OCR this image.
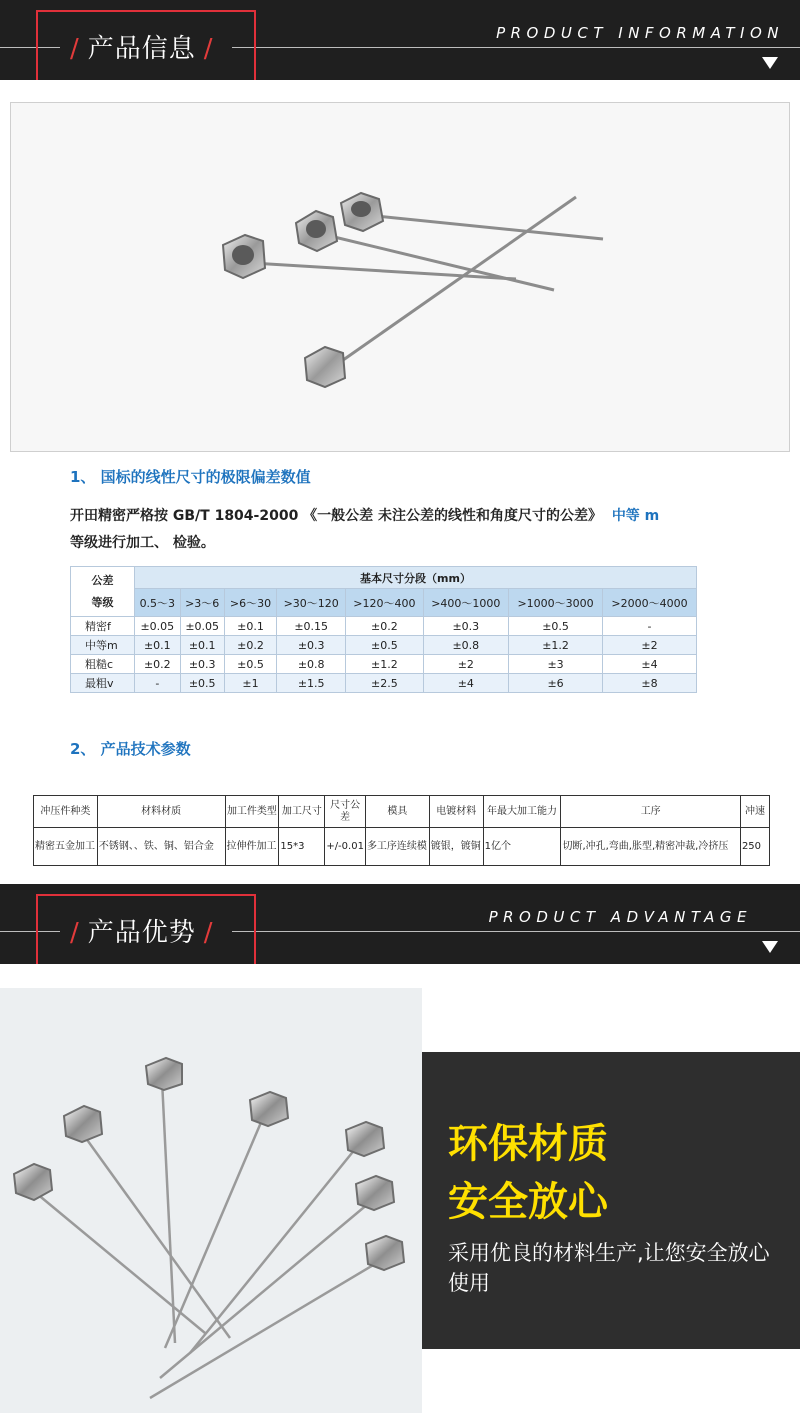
/ 产品信息 /
PRODUCT INFORMATION
1、 国标的线性尺寸的极限偏差数值
开田精密严格按 GB/T 1804-2000 《一般公差 未注公差的线性和角度尺寸的公差》 中等 m
等级进行加工、 检验。
公差
等级	基本尺寸分段（mm）							
	0.5～3	>3～6	>6～30	>30～120	>120～400	>400～1000	>1000～3000	>2000～4000
精密f	±0.05	±0.05	±0.1	±0.15	±0.2	±0.3	±0.5	-
中等m	±0.1	±0.1	±0.2	±0.3	±0.5	±0.8	±1.2	±2
粗糙c	±0.2	±0.3	±0.5	±0.8	±1.2	±2	±3	±4
最粗v	-	±0.5	±1	±1.5	±2.5	±4	±6	±8
2、 产品技术参数
冲压件种类	材料材质	加工件类型	加工尺寸	尺寸公差	模具	电镀材料	年最大加工能力	工序	冲速
精密五金加工	不锈钢、、铁、铜、铝合金	拉伸件加工	15*3	+/-0.01	多工序连续模	镀银，镀铜	1亿个	切断,冲孔,弯曲,胀型,精密冲裁,冷挤压	250
/ 产品优势 /
PRODUCT ADVANTAGE
环保材质
安全放心
采用优良的材料生产,让您安全放心使用
